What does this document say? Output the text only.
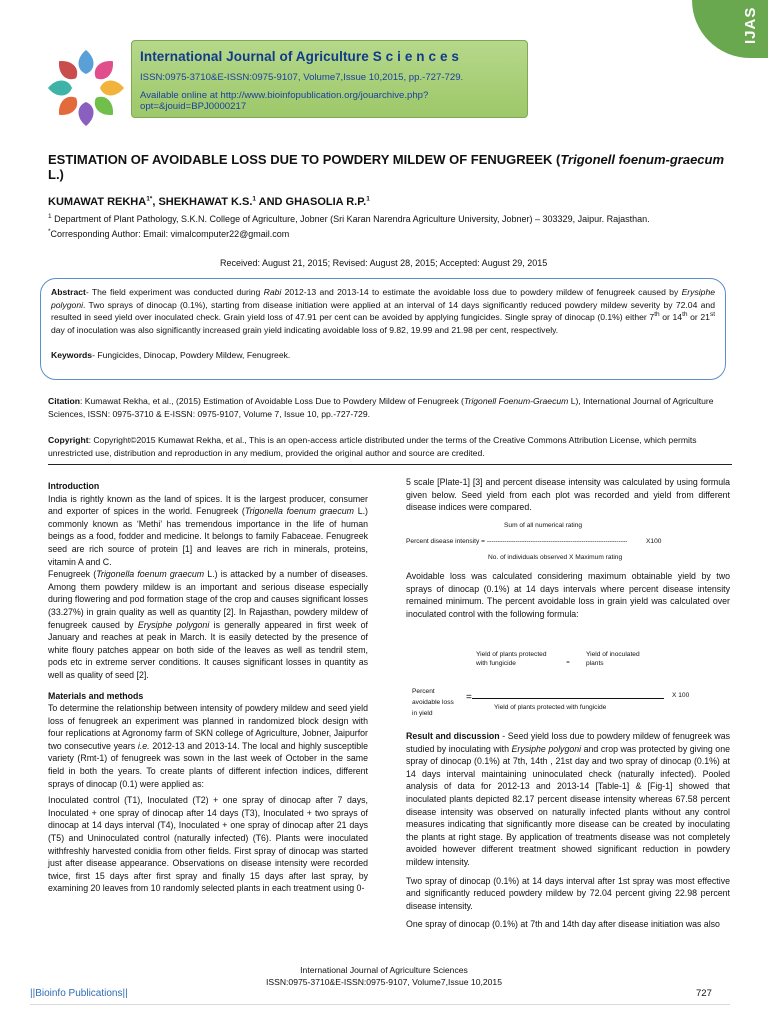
IJAS
International Journal of Agriculture S c i e n c e s
ISSN:0975-3710&E-ISSN:0975-9107, Volume7,Issue 10,2015, pp.-727-729.
Available online at http://www.bioinfopublication.org/jouarchive.php?opt=&jouid=BPJ0000217
ESTIMATION OF AVOIDABLE LOSS DUE TO POWDERY MILDEW OF FENUGREEK (Trigonell foenum-graecum L.)
KUMAWAT $REKHA^{1*}$, SHEKHAWAT K.S.$^1$ AND GHASOLIA R.P.$^1$
$^1$ Department of Plant Pathology, S.K.N. College of Agriculture, Jobner (Sri Karan Narendra Agriculture University, Jobner) – 303329, Jaipur. Rajasthan.
*Corresponding Author: Email: vimalcomputer22@gmail.com
Received: August 21, 2015; Revised: August 28, 2015; Accepted: August 29, 2015
Abstract- The field experiment was conducted during Rabi 2012-13 and 2013-14 to estimate the avoidable loss due to powdery mildew of fenugreek caused by Erysiphe polygoni. Two sprays of dinocap (0.1%), starting from disease initiation were applied at an interval of 14 days significantly reduced powdery mildew severity by 72.04 and resulted in seed yield over inoculated check. Grain yield loss of 47.91 per cent can be avoided by applying fungicides. Single spray of dinocap (0.1%) either 7th or 14th or 21st day of inoculation was also significantly increased grain yield indicating avoidable loss of 9.82, 19.99 and 21.98 per cent, respectively.
Keywords- Fungicides, Dinocap, Powdery Mildew, Fenugreek.
Citation: Kumawat Rekha, et al., (2015) Estimation of Avoidable Loss Due to Powdery Mildew of Fenugreek (Trigonell Foenum-Graecum L), International Journal of Agriculture Sciences, ISSN: 0975-3710 & E-ISSN: 0975-9107, Volume 7, Issue 10, pp.-727-729.
Copyright: Copyright©2015 Kumawat Rekha, et al., This is an open-access article distributed under the terms of the Creative Commons Attribution License, which permits unrestricted use, distribution and reproduction in any medium, provided the original author and source are credited.

Introduction

India is rightly known as the land of spices. It is the largest producer, consumer and exporter of spices in the world. Fenugreek (Trigonella foenum graecum L.) commonly known as ‘Methi’ has tremendous importance in the life of human beings as a food, fodder and medicine. It belongs to family Fabaceae. Fenugreek seed are rich source of protein [1] and leaves are rich in minerals, proteins, vitamin A and C.

Fenugreek (Trigonella foenum graecum L.) is attacked by a number of diseases. Among them powdery mildew is an important and serious disease especially during flowering and pod formation stage of the crop and causes significant losses (33.27%) in grain quality as well as quantity [2]. In Rajasthan, powdery mildew of fenugreek caused by Erysiphe polygoni is generally appeared in first week of January and reaches at peak in March. It is easily detected by the presence of white floury patches appear on both side of the leaves as well as tendril stem, pods etc in extreme server conditions. It causes significant losses in quantity as well as quality of seed [2].

Materials and methods

To determine the relationship between intensity of powdery mildew and seed yield loss of fenugreek an experiment was planned in randomized block design with four replications at Agronomy farm of SKN college of Agriculture, Jobner, Jaipurfor two consecutive years i.e. 2012-13 and 2013-14. The local and highly susceptible variety (Rmt-1) of fenugreek was sown in the last week of October in the same field in both the years. To create plants of different infection indices, different sprays of dinocap (0.1) were applied as:

Inoculated control (T1), Inoculated (T2) + one spray of dinocap after 7 days, Inoculated + one spray of dinocap after 14 days (T3), Inoculated + two sprays of dinocap at 14 days interval (T4), Inoculated + one spray of dinocap after 21 days (T5) and Uninoculated control (naturally infected) (T6). Plants were inoculated withfreshly harvested conidia from other fields. First spray of dinocap was started just after disease appearance. Observations on disease intensity were recorded twice, first 15 days after first spray and finally 15 days after last spray, by examining 20 leaves from 10 randomly selected plants in each treatment using 0-

5 scale [Plate-1] [3] and percent disease intensity was calculated by using formula given below. Seed yield from each plot was recorded and yield from different disease indices were compared.

Sum of all numerical rating
Percent disease intensity = ----------------------------------------------------------------	X100
No. of individuals observed X Maximum rating
Avoidable loss was calculated considering maximum obtainable yield by two sprays of dinocap (0.1%) at 14 days intervals where percent disease intensity remained minimum. The percent avoidable loss in grain yield was calculated over inoculated control with the following formula:
Yield of plants protected with fungicide	- Yield of inoculated plants
Percent
avoidable loss
in yield
=	X 100
Yield of plants protected with fungicide

Result and discussion - Seed yield loss due to powdery mildew of fenugreek was studied by inoculating with Erysiphe polygoni and crop was protected by giving one spray of dinocap (0.1%) at 7th, 14th , 21st day and two spray of dinocap (0.1%) at 14 days interval maintaining uninoculated check (naturally infected). Pooled analysis of data for 2012-13 and 2013-14 [Table-1] & [Fig-1] showed that inoculated plants depicted 82.17 percent disease intensity whereas 67.58 percent disease intensity was observed on naturally infected plants without any control measures indicating that significantly more disease can be created by inoculating the plants at right stage. By application of treatments disease was not completely avoided however different treatment showed significant reduction in powdery mildew intensity.

Two spray of dinocap (0.1%) at 14 days interval after 1st spray was most effective and significantly reduced powdery mildew by 72.04 percent giving 22.98 percent disease intensity.

One spray of dinocap (0.1%) at 7th and 14th day after disease initiation was also

International Journal of Agriculture Sciences
ISSN:0975-3710&E-ISSN:0975-9107, Volume7,Issue 10,2015
||Bioinfo Publications||	727
